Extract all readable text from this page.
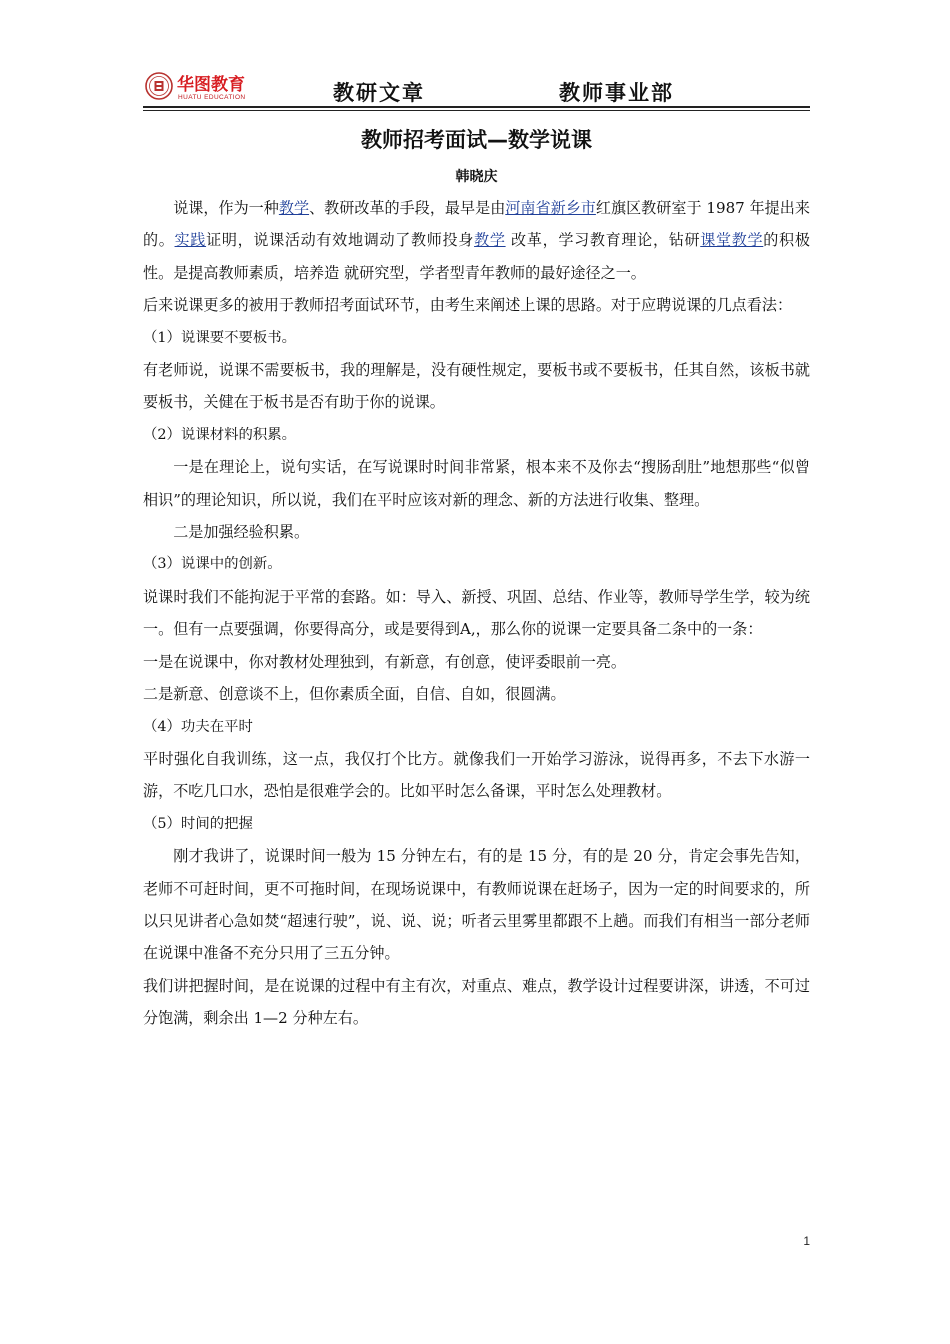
华图教育
HUATU EDUCATION	教研文章	教师事业部
教师招考面试—数学说课
韩晓庆

说课，作为一种教学、教研改革的手段，最早是由河南省新乡市红旗区教研室于 1987 年提出来的。实践证明，说课活动有效地调动了教师投身教学 改革，学习教育理论，钻研课堂教学的积极性。是提高教师素质，培养造 就研究型，学者型青年教师的最好途径之一。

后来说课更多的被用于教师招考面试环节，由考生来阐述上课的思路。对于应聘说课的几点看法：

（1）说课要不要板书。

有老师说，说课不需要板书，我的理解是，没有硬性规定，要板书或不要板书，任其自然，该板书就要板书，关健在于板书是否有助于你的说课。

（2）说课材料的积累。

一是在理论上，说句实话，在写说课时时间非常紧，根本来不及你去“搜肠刮肚”地想那些“似曾相识”的理论知识，所以说，我们在平时应该对新的理念、新的方法进行收集、整理。

二是加强经验积累。

（3）说课中的创新。

说课时我们不能拘泥于平常的套路。如：导入、新授、巩固、总结、作业等，教师导学生学，较为统一。但有一点要强调，你要得高分，或是要得到A,，那么你的说课一定要具备二条中的一条：

一是在说课中，你对教材处理独到，有新意，有创意，使评委眼前一亮。

二是新意、创意谈不上，但你素质全面，自信、自如，很圆满。

（4）功夫在平时

平时强化自我训练，这一点，我仅打个比方。就像我们一开始学习游泳，说得再多，不去下水游一游，不吃几口水，恐怕是很难学会的。比如平时怎么备课，平时怎么处理教材。

（5）时间的把握

刚才我讲了，说课时间一般为 15 分钟左右，有的是 15 分，有的是 20 分，肯定会事先告知，老师不可赶时间，更不可拖时间，在现场说课中，有教师说课在赶场子，因为一定的时间要求的，所以只见讲者心急如焚“超速行驶”，说、说、说；听者云里雾里都跟不上趟。而我们有相当一部分老师在说课中准备不充分只用了三五分钟。

我们讲把握时间，是在说课的过程中有主有次，对重点、难点，教学设计过程要讲深，讲透，不可过分饱满，剩余出 1—2 分种左右。

1
